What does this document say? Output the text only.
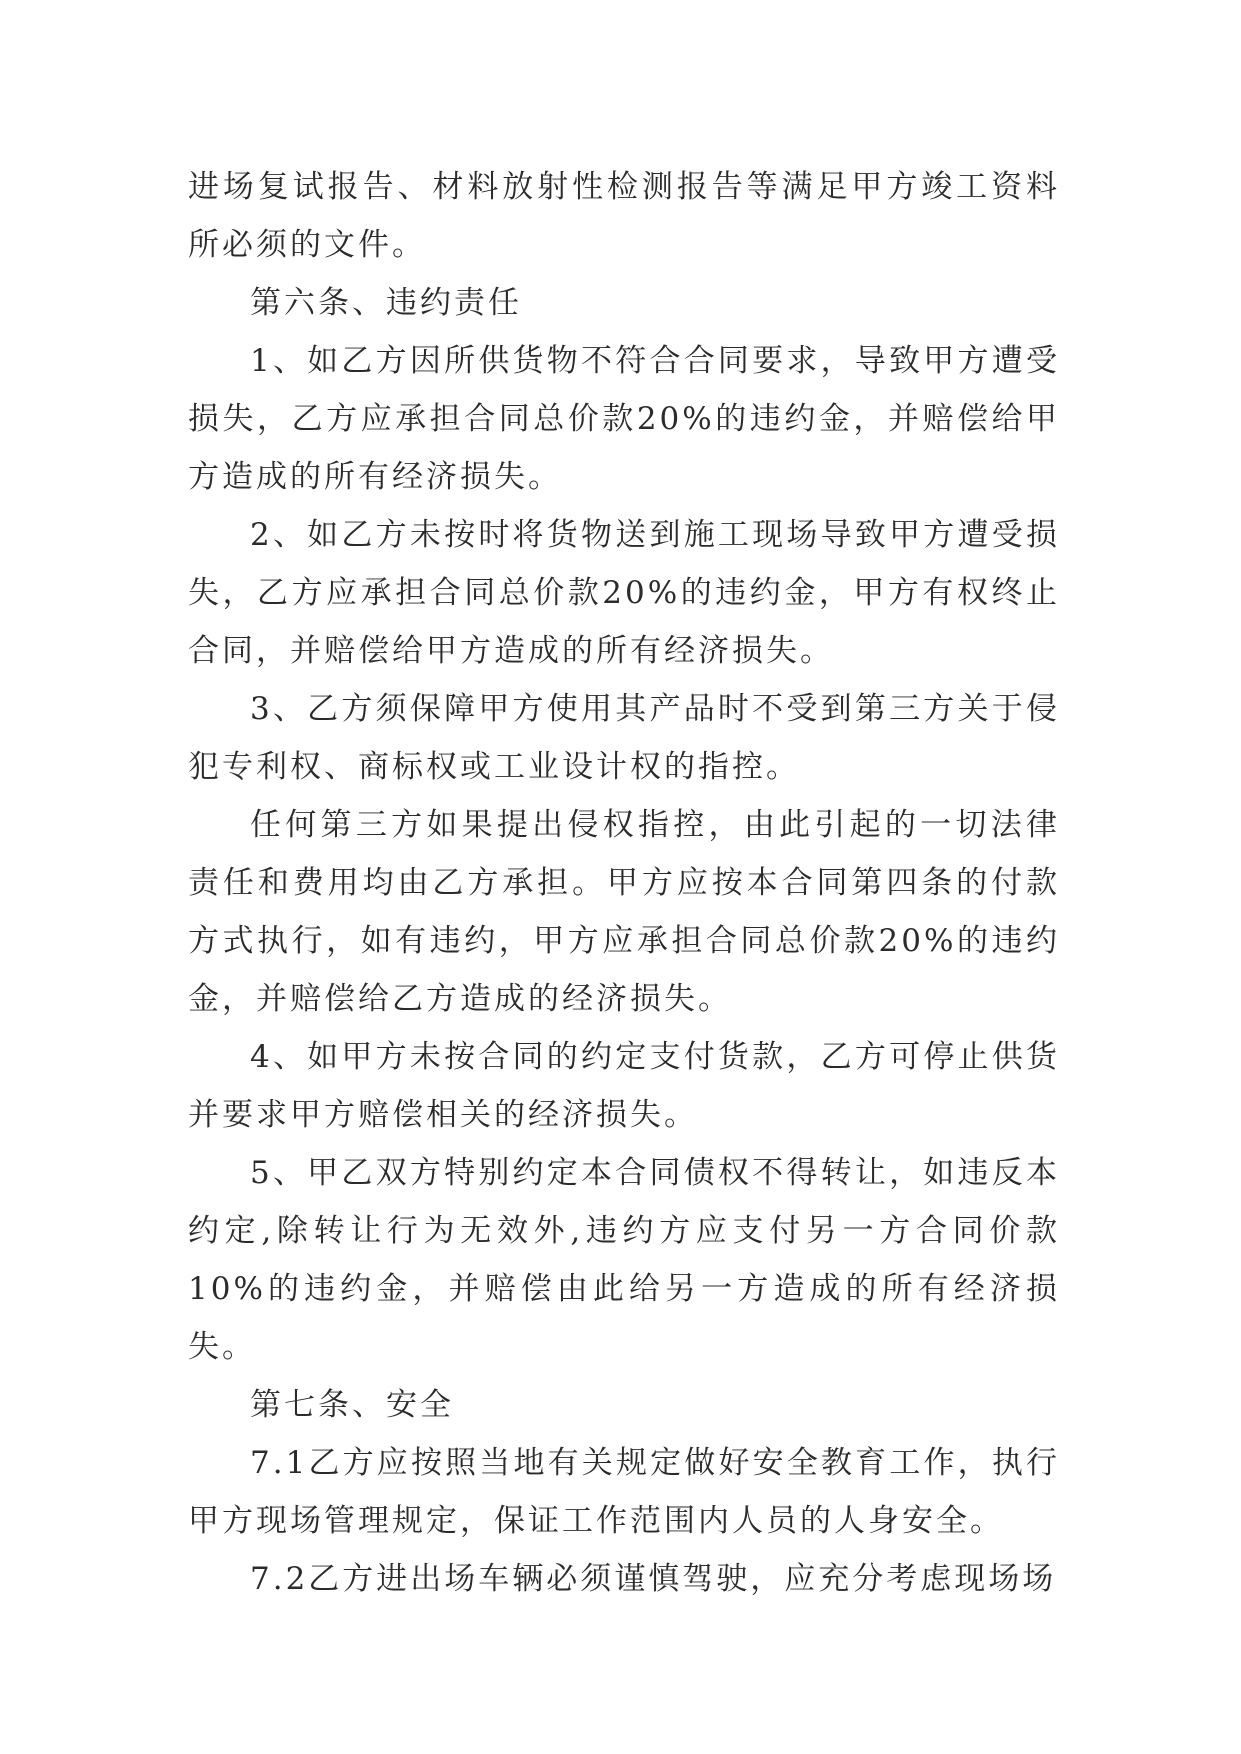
进场复试报告、材料放射性检测报告等满足甲方竣工资料所必须的文件。

第六条、违约责任

1、如乙方因所供货物不符合合同要求，导致甲方遭受损失，乙方应承担合同总价款20%的违约金，并赔偿给甲方造成的所有经济损失。

2、如乙方未按时将货物送到施工现场导致甲方遭受损失，乙方应承担合同总价款20%的违约金，甲方有权终止合同，并赔偿给甲方造成的所有经济损失。

3、乙方须保障甲方使用其产品时不受到第三方关于侵犯专利权、商标权或工业设计权的指控。

任何第三方如果提出侵权指控，由此引起的一切法律责任和费用均由乙方承担。甲方应按本合同第四条的付款方式执行，如有违约，甲方应承担合同总价款20%的违约金，并赔偿给乙方造成的经济损失。

4、如甲方未按合同的约定支付货款，乙方可停止供货并要求甲方赔偿相关的经济损失。

5、甲乙双方特别约定本合同债权不得转让，如违反本约定,除转让行为无效外,违约方应支付另一方合同价款10%的违约金，并赔偿由此给另一方造成的所有经济损失。

第七条、安全

7.1乙方应按照当地有关规定做好安全教育工作，执行甲方现场管理规定，保证工作范围内人员的人身安全。

7.2乙方进出场车辆必须谨慎驾驶，应充分考虑现场场
